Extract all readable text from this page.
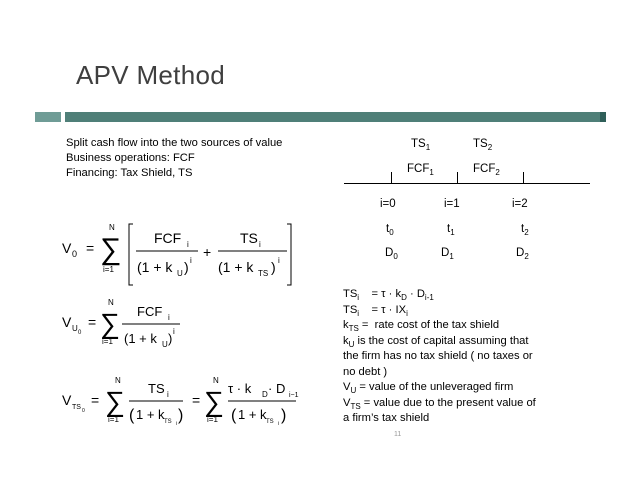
APV Method
Split cash flow into the two sources of value
Business operations: FCF
Financing: Tax Shield, TS
$TS_1$	$TS_2$
$FCF_1$	$FCF_2$
i=0	i=1	i=2
$t_0$	$t_1$	$t_2$
$D_0$	$D_1$	$D_2$
V 0 =
N
∑
i=1
FCF i
(1 + k U ) i
+
TS i
(1 + k TS ) i
V U 0
=
N
∑
i=1
FCF i
(1 + k U ) i
V TS 0
=
N
∑
i=1
TS i
( 1 + k TS i )
=
N
∑
i=1
τ · k D · D i−1
( 1 + k TS i )
$TS_i$    = $\tau \cdot k_D \cdot D_{i-1}$
$TS_i$    = $\tau \cdot IX_i$
$k_{TS}$ =  rate cost of the tax shield
$k_U$ is the cost of capital assuming that
the firm has no tax shield ( no taxes or
no debt )
$V_U$ = value of the unleveraged firm
$V_{TS}$ = value due to the present value of
a firm’s tax shield
11
